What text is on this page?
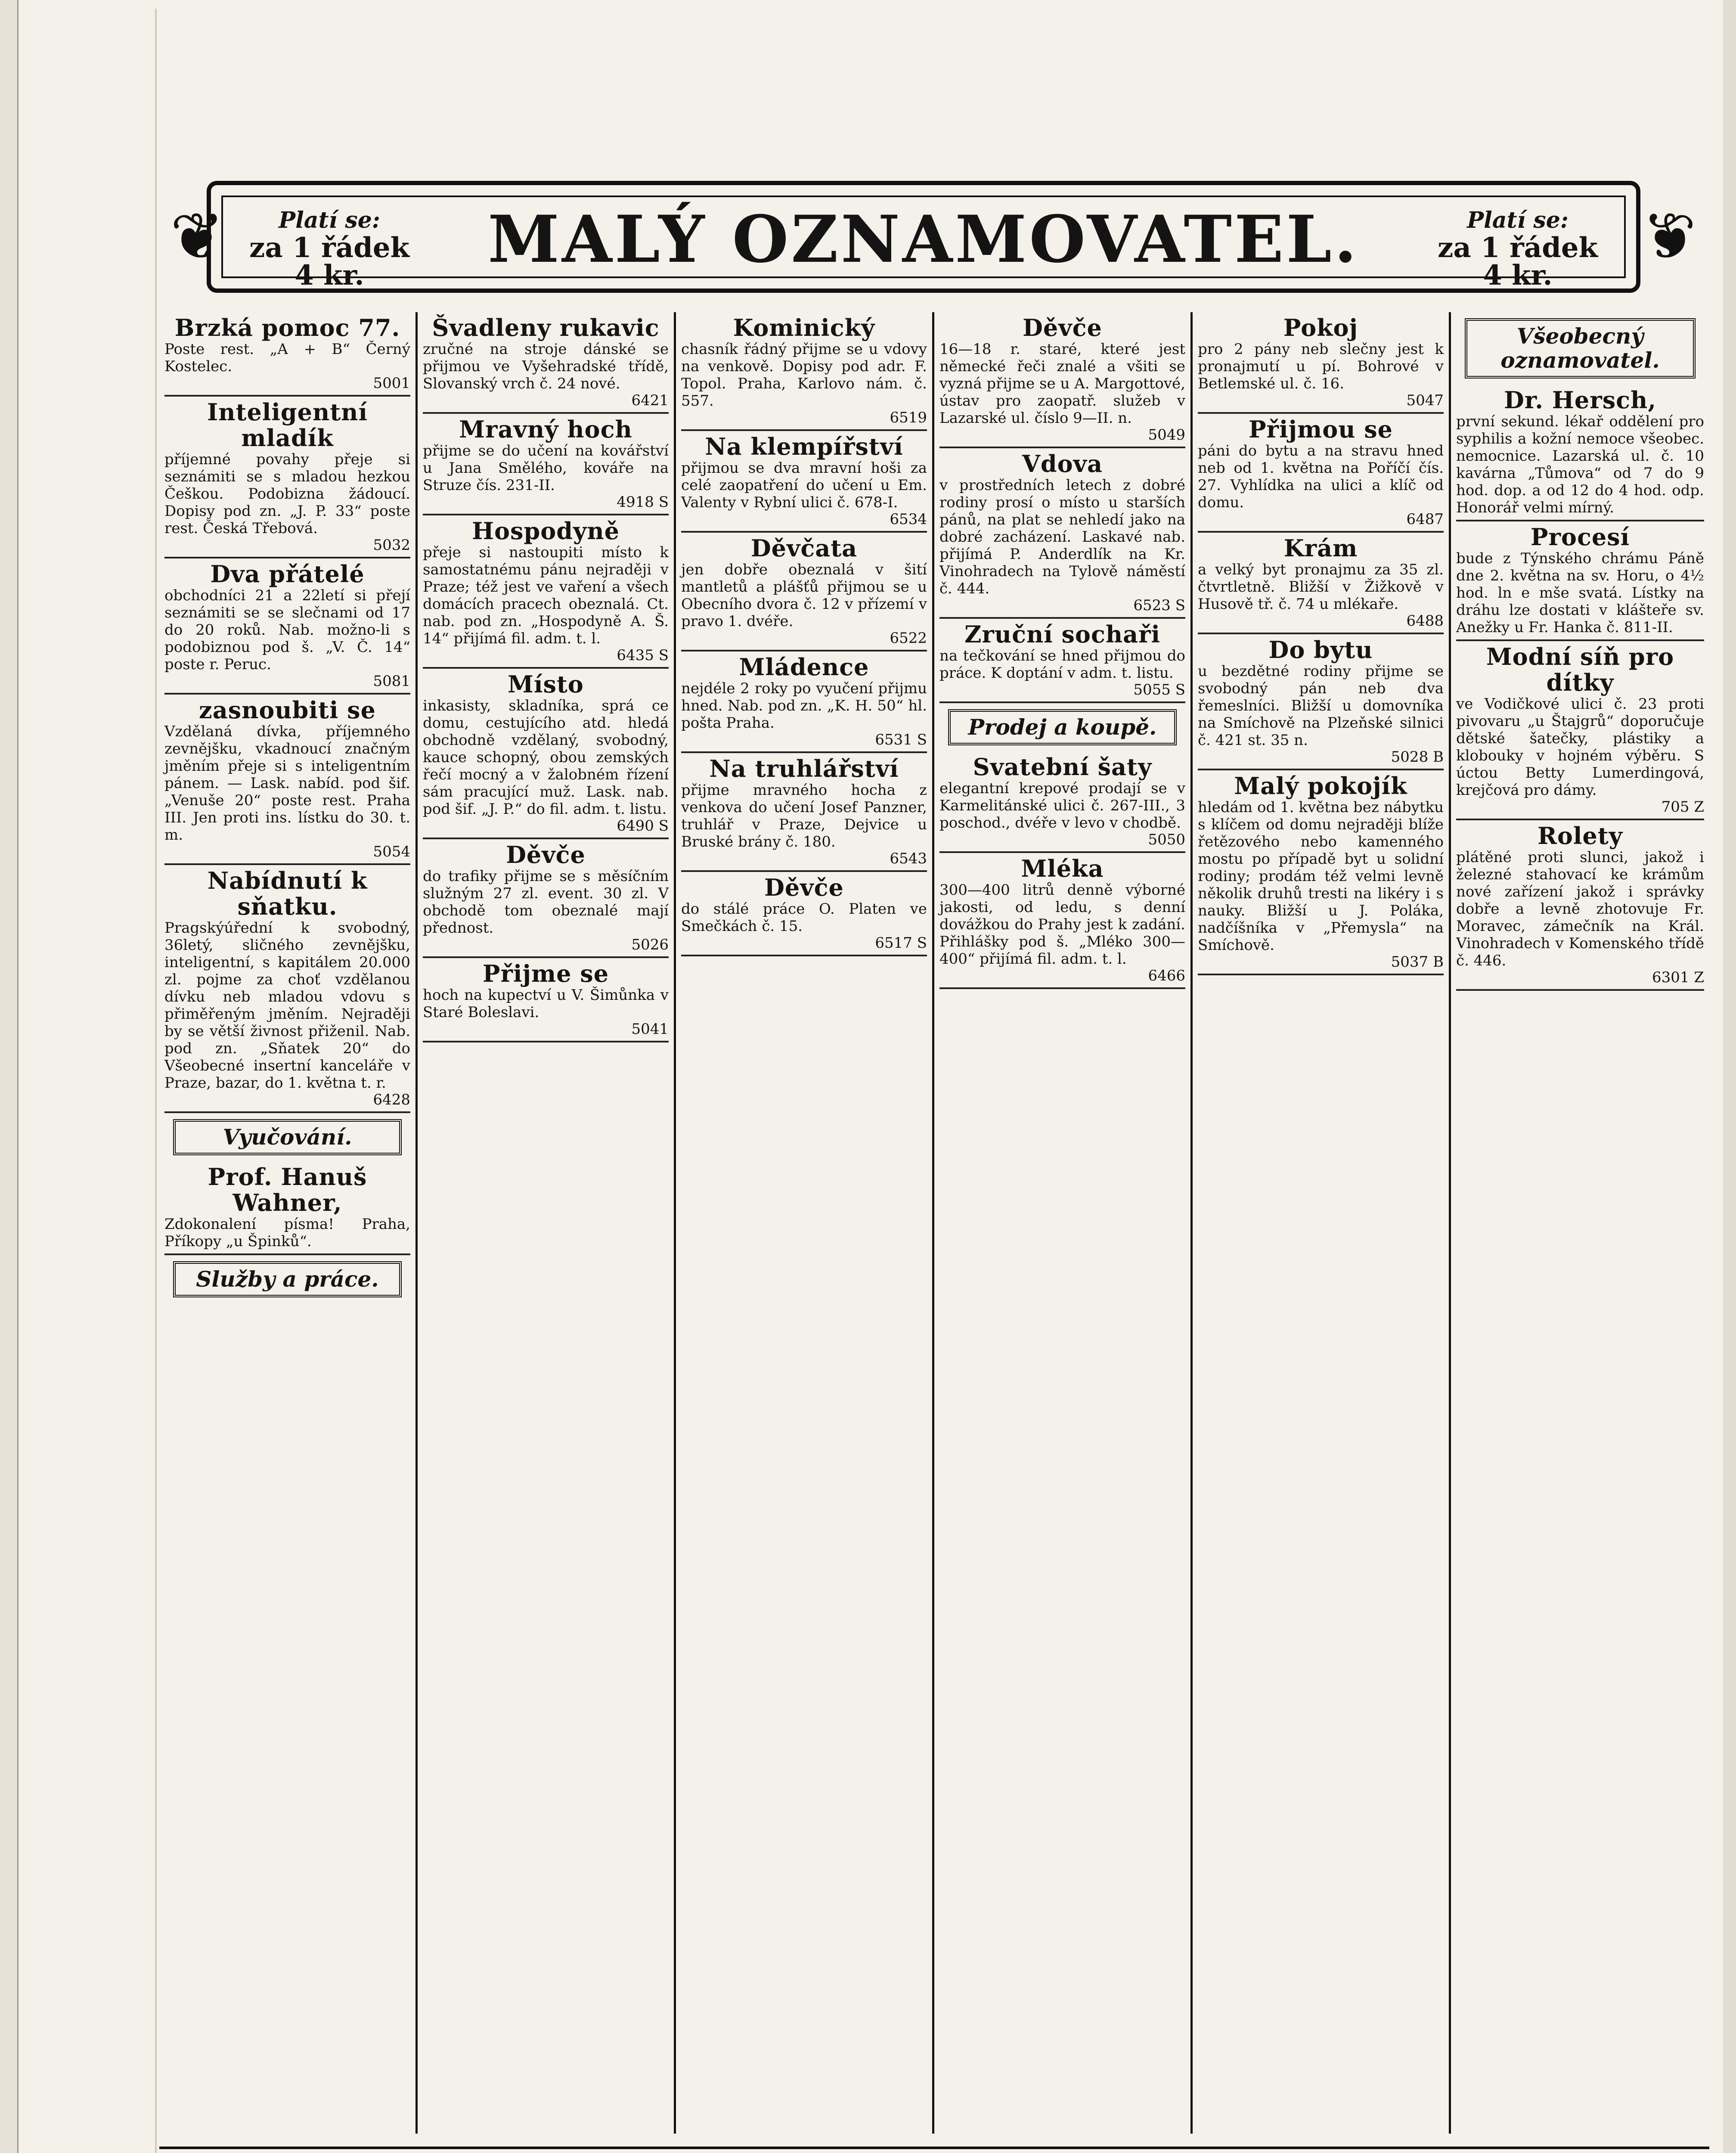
❦	❦
Platí se:
za 1 řádek 4 kr.	MALÝ OZNAMOVATEL.	Platí se:
za 1 řádek 4 kr.
Brzká pomoc 77.

Poste rest. „A + B“ Černý Kostelec.

5001
Inteligentní mladík

příjemné povahy přeje si seznámiti se s mladou hezkou Češkou. Podobizna žádoucí. Dopisy pod zn. „J. P. 33“ poste rest. Česká Třebová.

5032
Dva přátelé

obchodníci 21 a 22letí si přejí seznámiti se se slečnami od 17 do 20 roků. Nab. možno-li s podobiznou pod š. „V. Č. 14“ poste r. Peruc.

5081
zasnoubiti se

Vzdělaná dívka, příjemného zevnějšku, vkadnoucí značným jměním přeje si s inteligentním pánem. — Lask. nabíd. pod šif. „Venuše 20“ poste rest. Praha III. Jen proti ins. lístku do 30. t. m.

5054
Nabídnutí k sňatku.

Pragskýúřední k svobodný, 36letý, sličného zevnějšku, inteligentní, s kapitálem 20.000 zl. pojme za choť vzdělanou dívku neb mladou vdovu s přiměřeným jměním. Nejraději by se větší živnost přiženil. Nab. pod zn. „Sňatek 20“ do Všeobecné insertní kanceláře v Praze, bazar, do 1. května t. r.

6428
Vyučování.
Prof. Hanuš Wahner,

Zdokonalení písma! Praha, Příkopy „u Špinků“.

Služby a práce.
Švadleny rukavic

zručné na stroje dánské se přijmou ve Vyšehradské třídě, Slovanský vrch č. 24 nové.

6421
Mravný hoch

přijme se do učení na kovářství u Jana Smělého, kováře na Struze čís. 231-II.

4918 S
Hospodyně

přeje si nastoupiti místo k samostatnému pánu nejraději v Praze; též jest ve vaření a všech domácích pracech obeznalá. Ct. nab. pod zn. „Hospodyně A. Š. 14“ přijímá fil. adm. t. l.

6435 S
Místo

inkasisty, skladníka, sprá ce domu, cestujícího atd. hledá obchodně vzdělaný, svobodný, kauce schopný, obou zemských řečí mocný a v žalobném řízení sám pracující muž. Lask. nab. pod šif. „J. P.“ do fil. adm. t. listu.

6490 S
Děvče

do trafiky přijme se s měsíčním služným 27 zl. event. 30 zl. V obchodě tom obeznalé mají přednost.

5026
Přijme se

hoch na kupectví u V. Šimůnka v Staré Boleslavi.

5041
Kominický

chasník řádný přijme se u vdovy na venkově. Dopisy pod adr. F. Topol. Praha, Karlovo nám. č. 557.

6519
Na klempířství

přijmou se dva mravní hoši za celé zaopatření do učení u Em. Valenty v Rybní ulici č. 678-I.

6534
Děvčata

jen dobře obeznalá v šití mantletů a plášťů přijmou se u Obecního dvora č. 12 v přízemí v pravo 1. dvéře.

6522
Mládence

nejdéle 2 roky po vyučení přijmu hned. Nab. pod zn. „K. H. 50“ hl. pošta Praha.

6531 S
Na truhlářství

přijme mravného hocha z venkova do učení Josef Panzner, truhlář v Praze, Dejvice u Bruské brány č. 180.

6543
Děvče

do stálé práce O. Platen ve Smečkách č. 15.

6517 S
Děvče

16—18 r. staré, které jest německé řeči znalé a všiti se vyzná přijme se u A. Margottové, ústav pro zaopatř. služeb v Lazarské ul. číslo 9—II. n.

5049
Vdova

v prostředních letech z dobré rodiny prosí o místo u starších pánů, na plat se nehledí jako na dobré zacházení. Laskavé nab. přijímá P. Anderdlík na Kr. Vinohradech na Tylově náměstí č. 444.

6523 S
Zruční sochaři

na tečkování se hned přijmou do práce. K doptání v adm. t. listu.

5055 S
Prodej a koupě.
Svatební šaty

elegantní krepové prodají se v Karmelitánské ulici č. 267-III., 3 poschod., dvéře v levo v chodbě.

5050
Mléka

300—400 litrů denně výborné jakosti, od ledu, s denní dovážkou do Prahy jest k zadání. Přihlášky pod š. „Mléko 300—400“ přijímá fil. adm. t. l.

6466
Pokoj

pro 2 pány neb slečny jest k pronajmutí u pí. Bohrové v Betlemské ul. č. 16.

5047
Přijmou se

páni do bytu a na stravu hned neb od 1. května na Poříčí čís. 27. Vyhlídka na ulici a klíč od domu.

6487
Krám

a velký byt pronajmu za 35 zl. čtvrtletně. Bližší v Žižkově v Husově tř. č. 74 u mlékaře.

6488
Do bytu

u bezdětné rodiny přijme se svobodný pán neb dva řemeslníci. Bližší u domovníka na Smíchově na Plzeňské silnici č. 421 st. 35 n.

5028 B
Malý pokojík

hledám od 1. května bez nábytku s klíčem od domu nejraději blíže řetězového nebo kamenného mostu po případě byt u solidní rodiny; prodám též velmi levně několik druhů tresti na likéry i s nauky. Bližší u J. Poláka, nadčíšníka v „Přemysla“ na Smíchově.

5037 B
Všeobecný oznamovatel.
Dr. Hersch,

první sekund. lékař oddělení pro syphilis a kožní nemoce všeobec. nemocnice. Lazarská ul. č. 10 kavárna „Tůmova“ od 7 do 9 hod. dop. a od 12 do 4 hod. odp. Honorář velmi mírný.

Procesí

bude z Týnského chrámu Páně dne 2. května na sv. Horu, o 4½ hod. ln e mše svatá. Lístky na dráhu lze dostati v klášteře sv. Anežky u Fr. Hanka č. 811-II.

Modní síň pro dítky

ve Vodičkové ulici č. 23 proti pivovaru „u Štajgrů“ doporučuje dětské šatečky, plástiky a klobouky v hojném výběru. S úctou Betty Lumerdingová, krejčová pro dámy.

705 Z
Rolety

plátěné proti slunci, jakož i železné stahovací ke krámům nové zařízení jakož i správky dobře a levně zhotovuje Fr. Moravec, zámečník na Král. Vinohradech v Komenského třídě č. 446.

6301 Z
